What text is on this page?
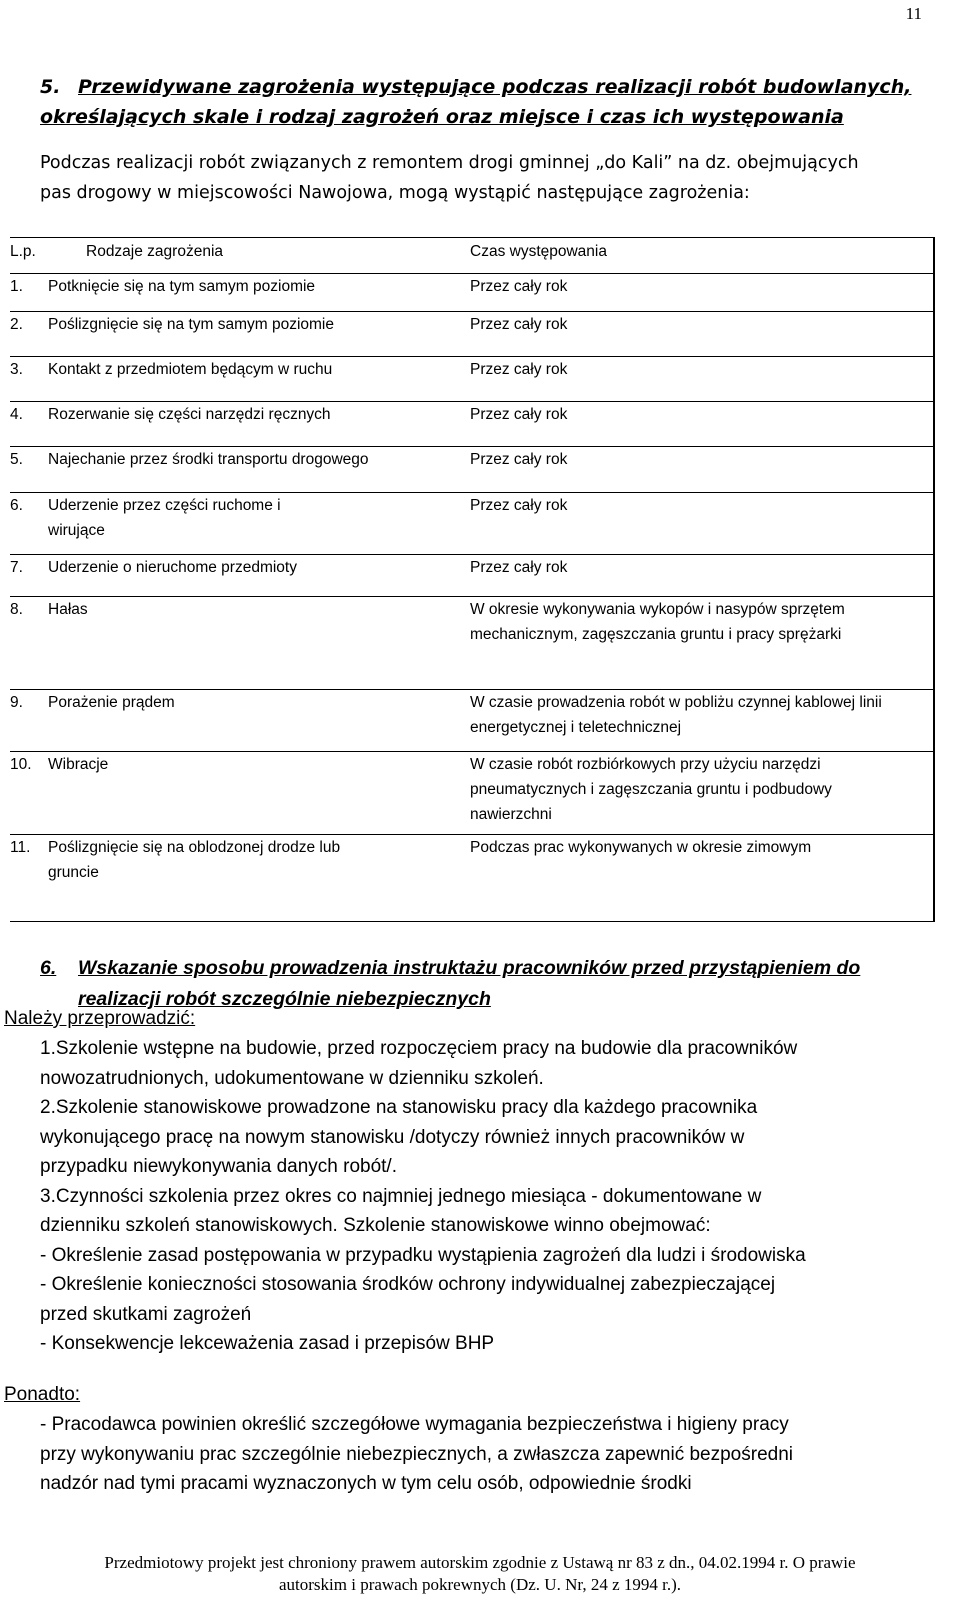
11
5. Przewidywane zagrożenia występujące podczas realizacji robót budowlanych,
określających skale i rodzaj zagrożeń oraz miejsce i czas ich występowania
Podczas realizacji robót związanych z remontem drogi gminnej „do Kali” na dz. obejmujących
pas drogowy w miejscowości Nawojowa, mogą wystąpić następujące zagrożenia:
L.p.	Rodzaje zagrożenia	Czas występowania
1.	Potknięcie się na tym samym poziomie	Przez cały rok
2.	Poślizgnięcie się na tym samym poziomie	Przez cały rok
3.	Kontakt z przedmiotem będącym w ruchu	Przez cały rok
4.	Rozerwanie się części narzędzi ręcznych	Przez cały rok
5.	Najechanie przez środki transportu drogowego	Przez cały rok
6.	Uderzenie przez części ruchome i wirujące	Przez cały rok
7.	Uderzenie o nieruchome przedmioty	Przez cały rok
8.	Hałas	W okresie wykonywania wykopów i nasypów sprzętem mechanicznym, zagęszczania gruntu i pracy sprężarki
9.	Porażenie prądem	W czasie prowadzenia robót w pobliżu czynnej kablowej linii energetycznej i teletechnicznej
10.	Wibracje	W czasie robót rozbiórkowych przy użyciu narzędzi pneumatycznych i zagęszczania gruntu i podbudowy nawierzchni
11.	Poślizgnięcie się na oblodzonej drodze lub gruncie	Podczas prac wykonywanych w okresie zimowym
6. Wskazanie sposobu prowadzenia instruktażu pracowników przed przystąpieniem do
realizacji robót szczególnie niebezpiecznych
Należy przeprowadzić:
1.Szkolenie wstępne na budowie, przed rozpoczęciem pracy na budowie dla pracowników
nowozatrudnionych, udokumentowane w dzienniku szkoleń.
2.Szkolenie stanowiskowe prowadzone na stanowisku pracy dla każdego pracownika
wykonującego pracę na nowym stanowisku /dotyczy również innych pracowników w
przypadku niewykonywania danych robót/.
3.Czynności szkolenia przez okres co najmniej jednego miesiąca - dokumentowane w
dzienniku szkoleń stanowiskowych. Szkolenie stanowiskowe winno obejmować:
- Określenie zasad postępowania w przypadku wystąpienia zagrożeń dla ludzi i środowiska
- Określenie konieczności stosowania środków ochrony indywidualnej zabezpieczającej
przed skutkami zagrożeń
- Konsekwencje lekceważenia zasad i przepisów BHP
Ponadto:
- Pracodawca powinien określić szczegółowe wymagania bezpieczeństwa i higieny pracy
przy wykonywaniu prac szczególnie niebezpiecznych, a zwłaszcza zapewnić bezpośredni
nadzór nad tymi pracami wyznaczonych w tym celu osób, odpowiednie środki
Przedmiotowy projekt jest chroniony prawem autorskim zgodnie z Ustawą nr 83 z dn., 04.02.1994 r. O prawie
autorskim i prawach pokrewnych (Dz. U. Nr, 24 z 1994 r.).
